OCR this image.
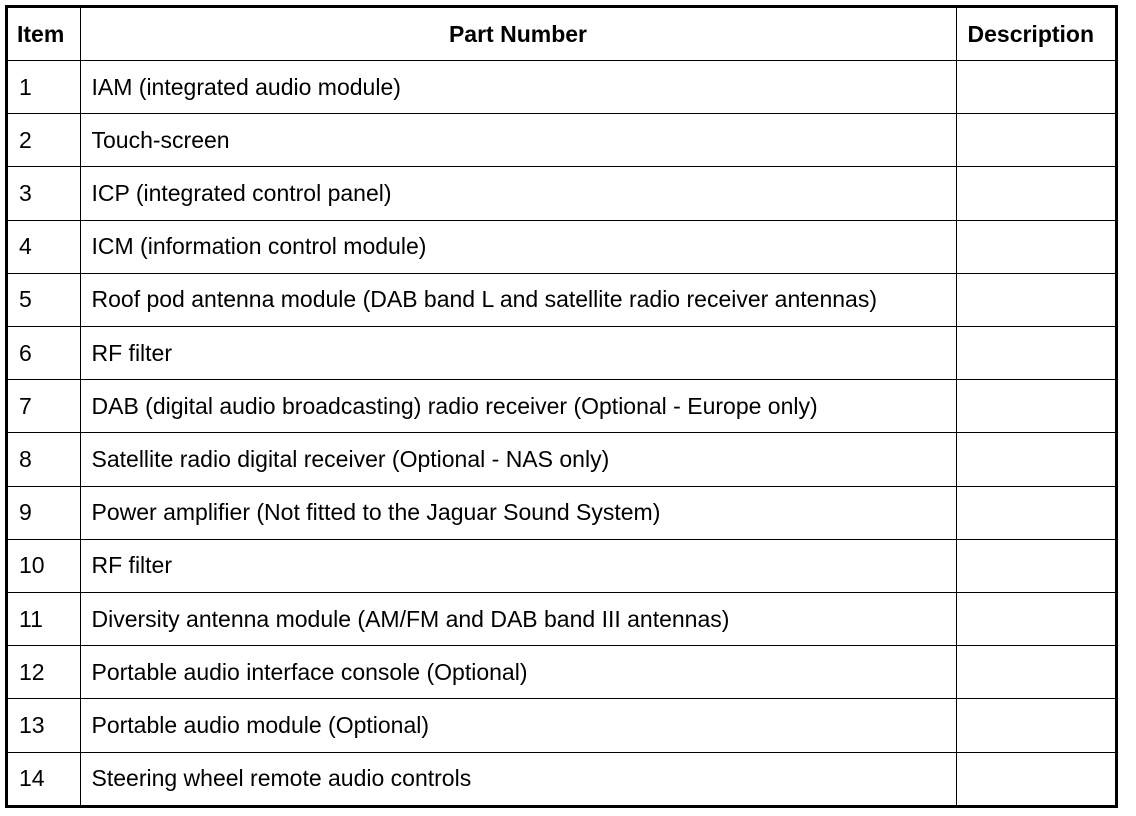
Item	Part Number	Description
1	IAM (integrated audio module)	
2	Touch-screen	
3	ICP (integrated control panel)	
4	ICM (information control module)	
5	Roof pod antenna module (DAB band L and satellite radio receiver antennas)	
6	RF filter	
7	DAB (digital audio broadcasting) radio receiver (Optional - Europe only)	
8	Satellite radio digital receiver (Optional - NAS only)	
9	Power amplifier (Not fitted to the Jaguar Sound System)	
10	RF filter	
11	Diversity antenna module (AM/FM and DAB band III antennas)	
12	Portable audio interface console (Optional)	
13	Portable audio module (Optional)	
14	Steering wheel remote audio controls	
